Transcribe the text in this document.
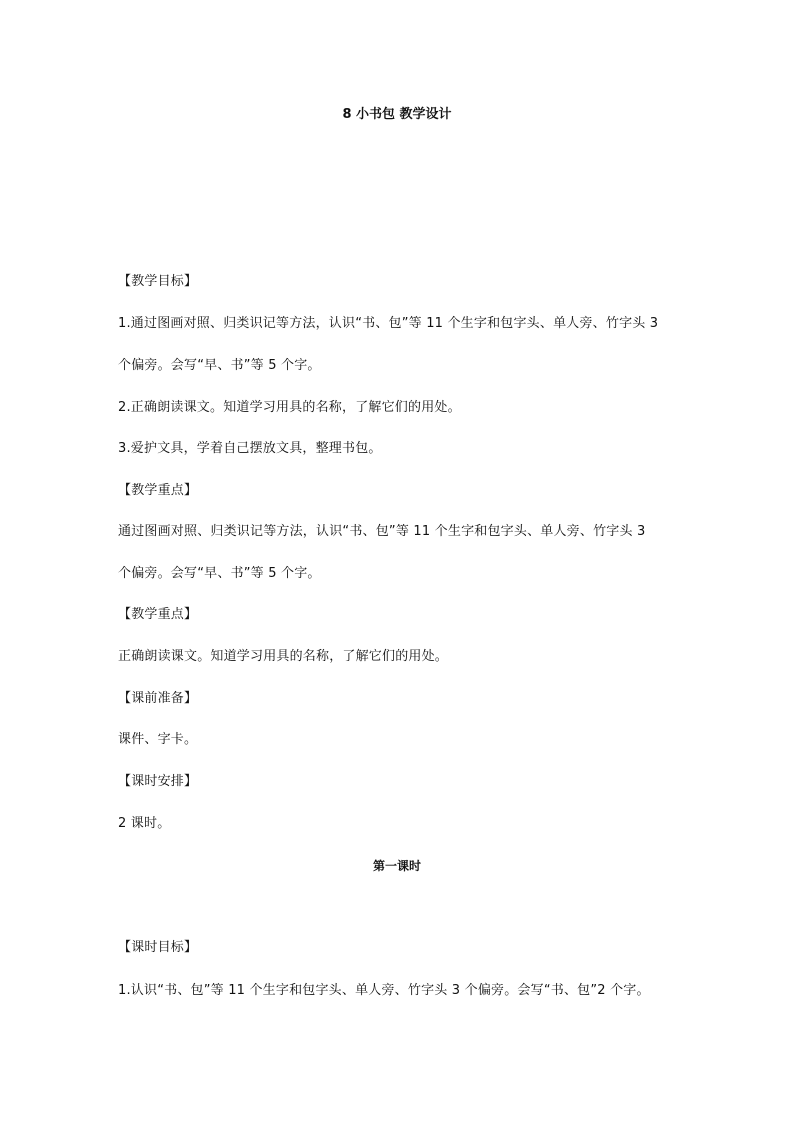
8 小书包 教学设计
【教学目标】
1.通过图画对照、归类识记等方法，认识“书、包”等 11 个生字和包字头、单人旁、竹字头 3
个偏旁。会写“早、书”等 5 个字。
2.正确朗读课文。知道学习用具的名称，了解它们的用处。
3.爱护文具，学着自己摆放文具，整理书包。
【教学重点】
通过图画对照、归类识记等方法，认识“书、包”等 11 个生字和包字头、单人旁、竹字头 3
个偏旁。会写“早、书”等 5 个字。
【教学重点】
正确朗读课文。知道学习用具的名称，了解它们的用处。
【课前准备】
课件、字卡。
【课时安排】
2 课时。
第一课时
【课时目标】
1.认识“书、包”等 11 个生字和包字头、单人旁、竹字头 3 个偏旁。会写“书、包”2 个字。
